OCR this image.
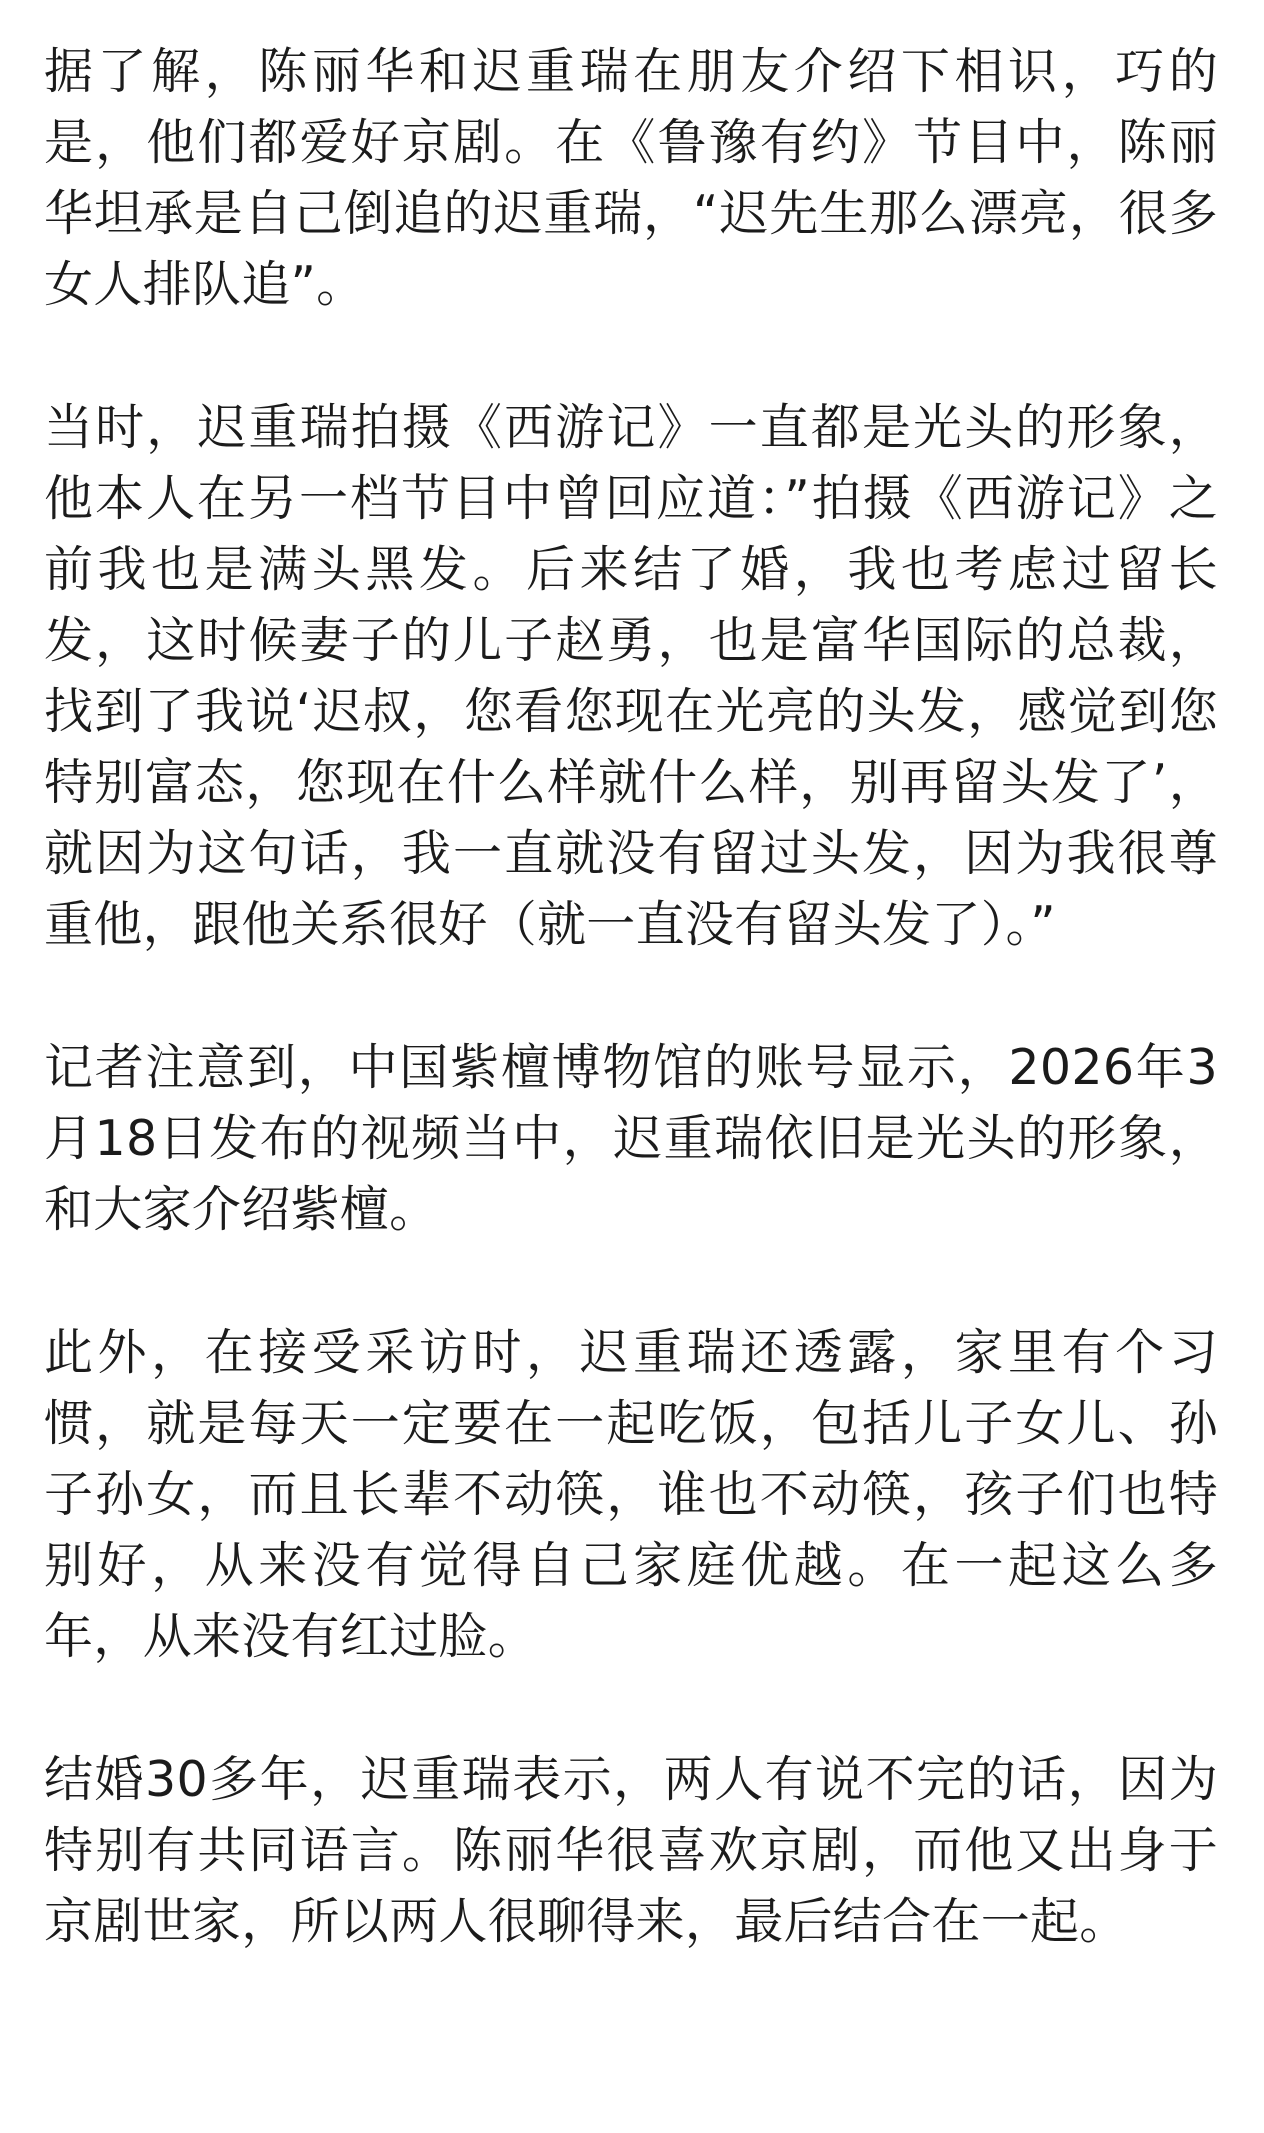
据了解，陈丽华和迟重瑞在朋友介绍下相识，巧的是，他们都爱好京剧。在《鲁豫有约》节目中，陈丽华坦承是自己倒追的迟重瑞，“迟先生那么漂亮，很多女人排队追”。

当时，迟重瑞拍摄《西游记》一直都是光头的形象，他本人在另一档节目中曾回应道：”拍摄《西游记》之前我也是满头黑发。后来结了婚，我也考虑过留长发，这时候妻子的儿子赵勇，也是富华国际的总裁，找到了我说‘迟叔，您看您现在光亮的头发，感觉到您特别富态，您现在什么样就什么样，别再留头发了’，就因为这句话，我一直就没有留过头发，因为我很尊重他，跟他关系很好（就一直没有留头发了）。”

记者注意到，中国紫檀博物馆的账号显示，2026年3月18日发布的视频当中，迟重瑞依旧是光头的形象，和大家介绍紫檀。

此外，在接受采访时，迟重瑞还透露，家里有个习惯，就是每天一定要在一起吃饭，包括儿子女儿、孙子孙女，而且长辈不动筷，谁也不动筷，孩子们也特别好，从来没有觉得自己家庭优越。在一起这么多年，从来没有红过脸。

结婚30多年，迟重瑞表示，两人有说不完的话，因为特别有共同语言。陈丽华很喜欢京剧，而他又出身于京剧世家，所以两人很聊得来，最后结合在一起。
